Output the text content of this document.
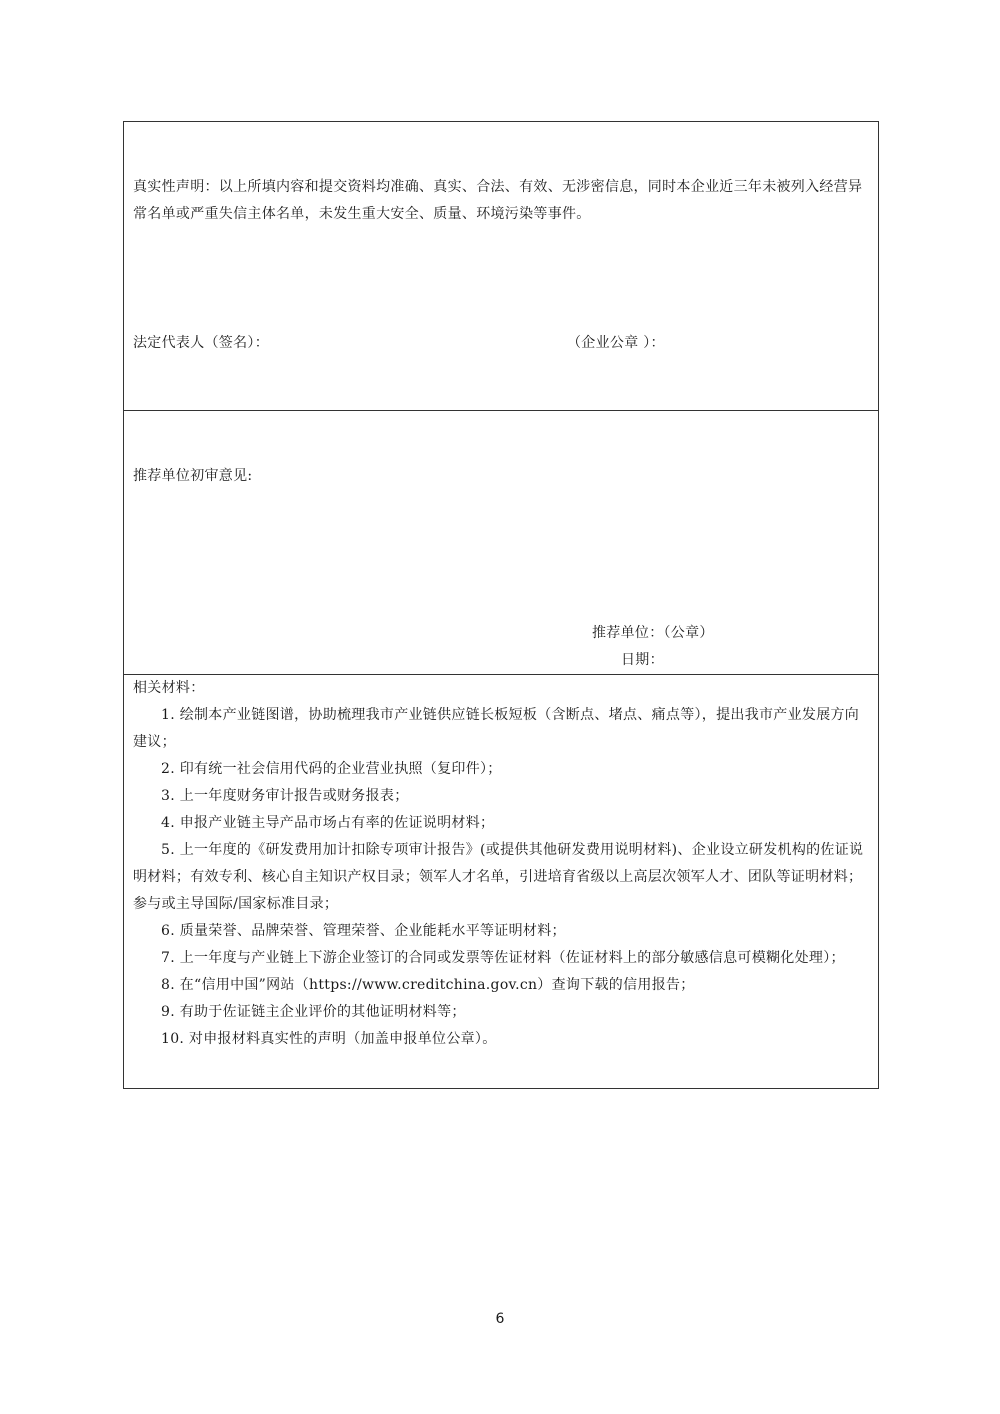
真实性声明：以上所填内容和提交资料均准确、真实、合法、有效、无涉密信息，同时本企业近三年未被列入经营异常名单或严重失信主体名单，未发生重大安全、质量、环境污染等事件。
法定代表人（签名）：	（企业公章 ）：
推荐单位初审意见:
推荐单位：（公章）
日期：
相关材料：
1. 绘制本产业链图谱，协助梳理我市产业链供应链长板短板（含断点、堵点、痛点等），提出我市产业发展方向建议；
2. 印有统一社会信用代码的企业营业执照（复印件）；
3. 上一年度财务审计报告或财务报表；
4. 申报产业链主导产品市场占有率的佐证说明材料；
5. 上一年度的《研发费用加计扣除专项审计报告》(或提供其他研发费用说明材料)、企业设立研发机构的佐证说明材料；有效专利、核心自主知识产权目录；领军人才名单，引进培育省级以上高层次领军人才、团队等证明材料；参与或主导国际/国家标准目录；
6. 质量荣誉、品牌荣誉、管理荣誉、企业能耗水平等证明材料；
7. 上一年度与产业链上下游企业签订的合同或发票等佐证材料（佐证材料上的部分敏感信息可模糊化处理）；
8. 在“信用中国”网站（https://www.creditchina.gov.cn）查询下载的信用报告；
9. 有助于佐证链主企业评价的其他证明材料等；
10. 对申报材料真实性的声明（加盖申报单位公章）。
6
